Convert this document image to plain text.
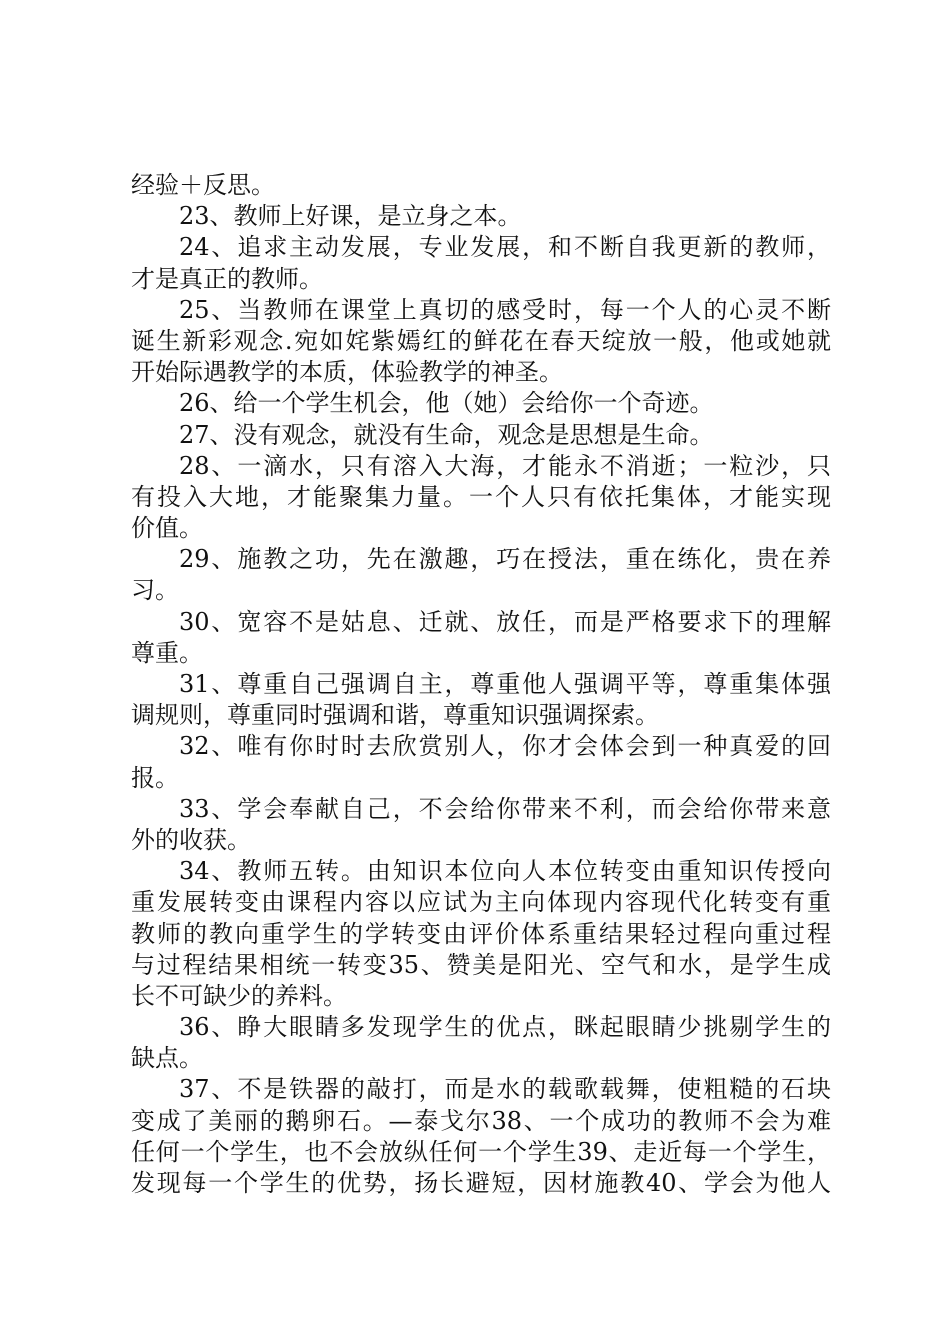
经验＋反思。
23、教师上好课，是立身之本。
24、追求主动发展，专业发展，和不断自我更新的教师，
才是真正的教师。
25、当教师在课堂上真切的感受时，每一个人的心灵不断
诞生新彩观念.宛如姹紫嫣红的鲜花在春天绽放一般，他或她就
开始际遇教学的本质，体验教学的神圣。
26、给一个学生机会，他（她）会给你一个奇迹。
27、没有观念，就没有生命，观念是思想是生命。
28、一滴水，只有溶入大海，才能永不消逝；一粒沙，只
有投入大地，才能聚集力量。一个人只有依托集体，才能实现
价值。
29、施教之功，先在激趣，巧在授法，重在练化，贵在养
习。
30、宽容不是姑息、迁就、放任，而是严格要求下的理解
尊重。
31、尊重自己强调自主，尊重他人强调平等，尊重集体强
调规则，尊重同时强调和谐，尊重知识强调探索。
32、唯有你时时去欣赏别人，你才会体会到一种真爱的回
报。
33、学会奉献自己，不会给你带来不利，而会给你带来意
外的收获。
34、教师五转。由知识本位向人本位转变由重知识传授向
重发展转变由课程内容以应试为主向体现内容现代化转变有重
教师的教向重学生的学转变由评价体系重结果轻过程向重过程
与过程结果相统一转变35、赞美是阳光、空气和水，是学生成
长不可缺少的养料。
36、睁大眼睛多发现学生的优点，眯起眼睛少挑剔学生的
缺点。
37、不是铁器的敲打，而是水的载歌载舞，使粗糙的石块
变成了美丽的鹅卵石。—泰戈尔38、一个成功的教师不会为难
任何一个学生，也不会放纵任何一个学生39、走近每一个学生，
发现每一个学生的优势，扬长避短，因材施教40、学会为他人
